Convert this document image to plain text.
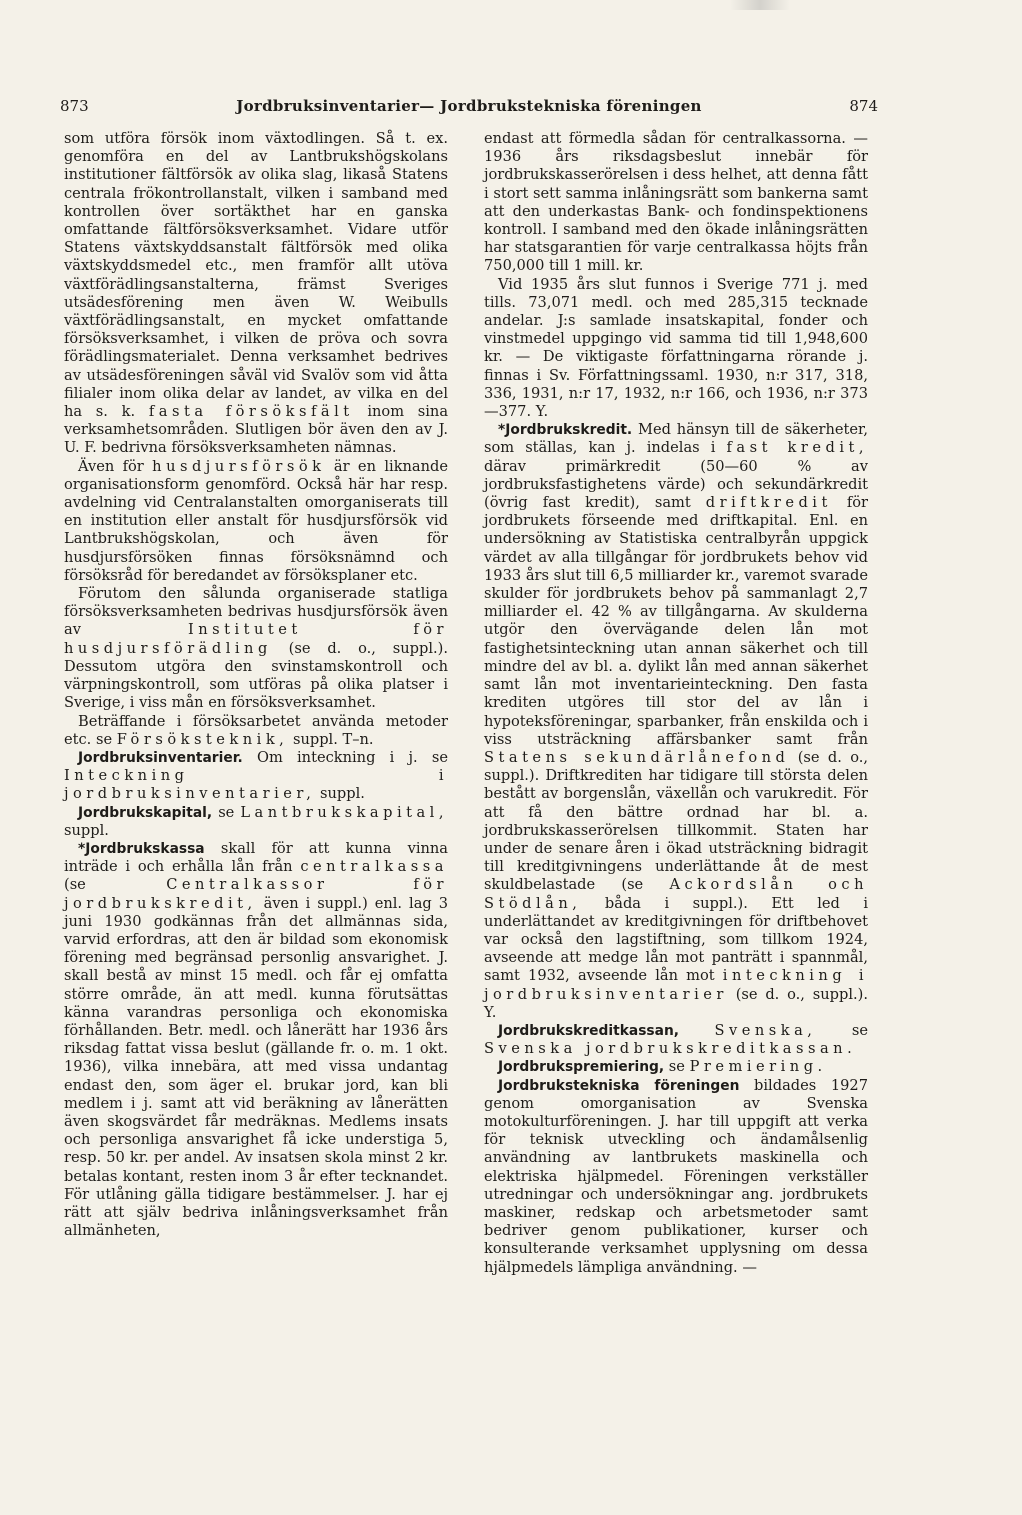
873	Jordbruksinventarier— Jordbrukstekniska föreningen	874

som utföra försök inom växtodlingen. Så t. ex. genomföra en del av Lantbrukshögskolans institutioner fältförsök av olika slag, likaså Statens centrala frökontrollanstalt, vilken i samband med kontrollen över sortäkthet har en ganska omfattande fältförsöksverksamhet. Vidare utför Statens växtskyddsanstalt fältförsök med olika växtskyddsmedel etc., men framför allt utöva växtförädlingsanstalterna, främst Sveriges utsädesförening men även W. Weibulls växtförädlingsanstalt, en mycket omfattande försöksverksamhet, i vilken de pröva och sovra förädlingsmaterialet. Denna verksamhet bedrives av utsädesföreningen såväl vid Svalöv som vid åtta filialer inom olika delar av landet, av vilka en del ha s. k. fasta försöksfält inom sina verksamhetsområden. Slutligen bör även den av J. U. F. bedrivna försöksverksamheten nämnas.

Även för husdjursförsök är en liknande organisationsform genomförd. Också här har resp. avdelning vid Centralanstalten omorganiserats till en institution eller anstalt för husdjursförsök vid Lantbrukshögskolan, och även för husdjursförsöken finnas försöksnämnd och försöksråd för beredandet av försöksplaner etc.

Förutom den sålunda organiserade statliga försöksverksamheten bedrivas husdjursförsök även av	Institutet för husdjursförädling (se d. o., suppl.). Dessutom utgöra den svinstamskontroll och värpningskontroll, som utföras på olika platser i Sverige, i viss mån en försöksverksamhet.

Beträffande i försöksarbetet använda metoder etc. se Försöksteknik, suppl. T–n.

Jordbruksinventarier. Om inteckning i j. se Inteckning i jordbruksinventarier, suppl.

Jordbrukskapital, se Lantbrukskapital, suppl.

*Jordbrukskassa skall för att kunna vinna inträde i och erhålla lån från centralkassa (se	Centralkassor för jordbrukskredit, även i suppl.) enl. lag 3 juni 1930 godkännas från det allmännas sida, varvid erfordras, att den är bildad som ekonomisk förening med begränsad personlig ansvarighet. J. skall bestå av minst 15 medl. och får ej omfatta större område, än att medl. kunna förutsättas känna varandras personliga och ekonomiska förhållanden. Betr. medl. och lånerätt har 1936 års riksdag fattat vissa beslut (gällande fr. o. m. 1 okt. 1936), vilka innebära, att med vissa undantag endast den, som äger el. brukar jord, kan bli medlem i j. samt att vid beräkning av lånerätten även skogsvärdet får medräknas. Medlems insats och personliga ansvarighet få icke understiga 5, resp. 50 kr. per andel. Av insatsen skola minst 2 kr. betalas kontant, resten inom 3 år efter tecknandet. För utlåning gälla tidigare bestämmelser. J. har ej rätt att själv bedriva inlåningsverksamhet från allmänheten,

endast att förmedla sådan för centralkassorna. — 1936 års riksdagsbeslut innebär för jordbrukskasserörelsen i dess helhet, att denna fått i stort sett samma inlåningsrätt som bankerna samt att den underkastas Bank- och fondinspektionens kontroll. I samband med den ökade inlåningsrätten har statsgarantien för varje centralkassa höjts från 750,000 till 1 mill. kr.

Vid 1935 års slut funnos i Sverige 771 j. med tills. 73,071 medl. och med 285,315 tecknade andelar. J:s samlade insatskapital, fonder och vinstmedel uppgingo vid samma tid till 1,948,600 kr. — De viktigaste författningarna rörande j. finnas i Sv. Författningssaml. 1930, n:r 317, 318, 336, 1931, n:r 17, 1932, n:r 166, och 1936, n:r 373—377. Y.

*Jordbrukskredit. Med hänsyn till de säkerheter, som ställas, kan j. indelas i fast kredit, därav primärkredit (50—60 % av jordbruksfastighetens värde) och sekundärkredit (övrig fast kredit), samt driftkredit för jordbrukets förseende med driftkapital. Enl. en undersökning av Statistiska centralbyrån uppgick värdet av alla tillgångar för jordbrukets behov vid 1933 års slut till 6,5 milliarder kr., varemot svarade skulder för jordbrukets behov på sammanlagt 2,7 milliarder el. 42 % av tillgångarna. Av skulderna utgör den övervägande delen lån mot fastighetsinteckning utan annan säkerhet och till mindre del av bl. a. dylikt lån med annan säkerhet samt lån mot inventarieinteckning. Den fasta krediten utgöres till stor del av lån i hypoteksföreningar, sparbanker, från enskilda och i viss utsträckning affärsbanker samt från Statens sekundärlånefond (se d. o., suppl.). Driftkrediten har tidigare till största delen bestått av borgenslån, växellån och varukredit. För att få den bättre ordnad har bl. a. jordbrukskasserörelsen tillkommit. Staten har under de senare åren i ökad utsträckning bidragit till kreditgivningens underlättande åt de mest skuldbelastade (se Ackordslån och Stödlån, båda i suppl.). Ett led i underlättandet av kreditgivningen för driftbehovet var också den lagstiftning, som tillkom 1924, avseende att medge lån mot panträtt i spannmål, samt 1932, avseende lån mot inteckning i jordbruksinventarier (se d. o., suppl.). Y.

Jordbrukskreditkassan, Svenska, se Svenska jordbrukskreditkassan.

Jordbrukspremiering, se Premiering.

Jordbrukstekniska föreningen bildades 1927 genom omorganisation av Svenska motokulturföreningen. J. har till uppgift att verka för teknisk utveckling och ändamålsenlig användning av lantbrukets maskinella och elektriska hjälpmedel. Föreningen verkställer utredningar och undersökningar ang. jordbrukets maskiner, redskap och arbetsmetoder samt bedriver genom publikationer, kurser och konsulterande verksamhet upplysning om dessa hjälpmedels lämpliga användning. —
